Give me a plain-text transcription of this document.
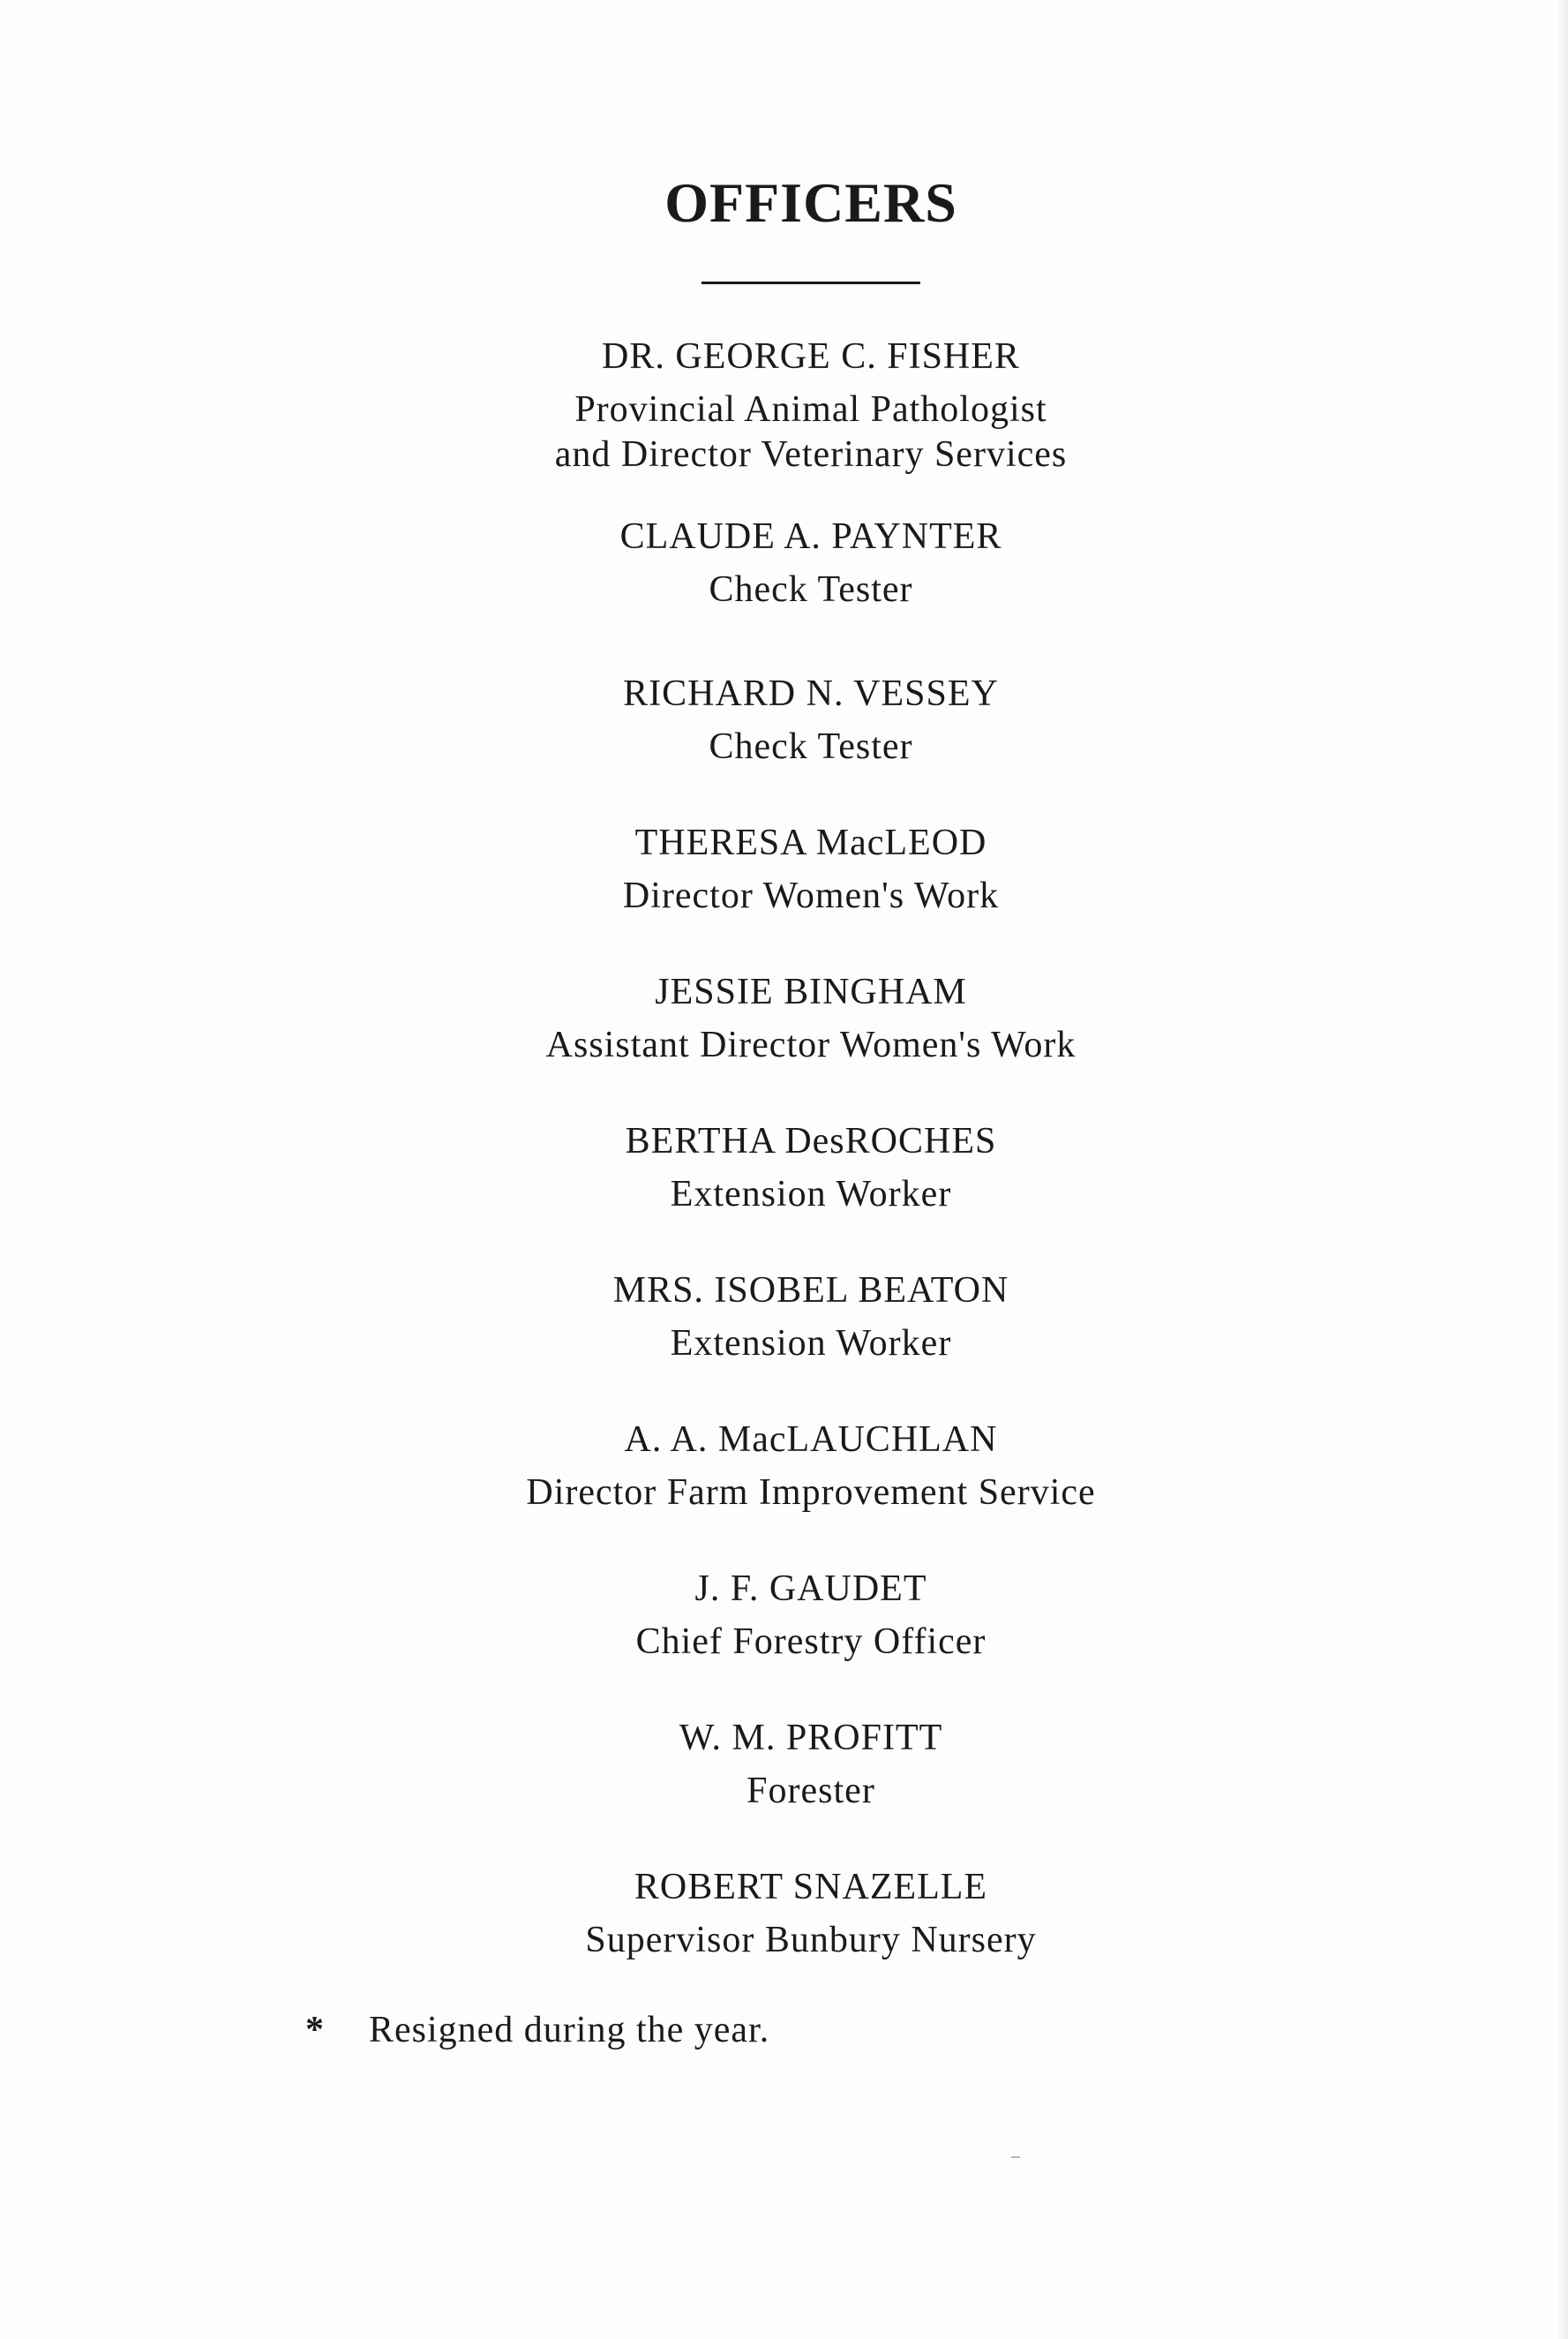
OFFICERS
DR. GEORGE C. FISHER
Provincial Animal Pathologist
and Director Veterinary Services
CLAUDE A. PAYNTER
Check Tester
RICHARD N. VESSEY
Check Tester
THERESA MacLEOD
Director Women's Work
JESSIE BINGHAM
Assistant Director Women's Work
BERTHA DesROCHES
Extension Worker
MRS. ISOBEL BEATON
Extension Worker
A. A. MacLAUCHLAN
Director Farm Improvement Service
J. F. GAUDET
Chief Forestry Officer
W. M. PROFITT
Forester
ROBERT SNAZELLE
Supervisor Bunbury Nursery
* Resigned during the year.
